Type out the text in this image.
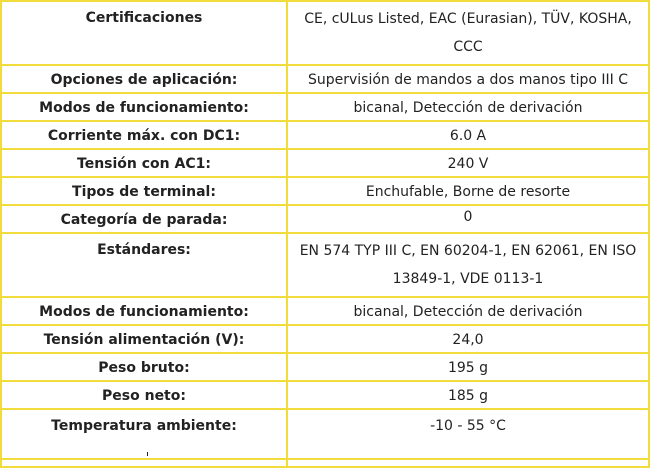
Certificaciones	CE, cULus Listed, EAC (Eurasian), TÜV, KOSHA, CCC
Opciones de aplicación:	Supervisión de mandos a dos manos tipo III C
Modos de funcionamiento:	bicanal, Detección de derivación
Corriente máx. con DC1:	6.0 A
Tensión con AC1:	240 V
Tipos de terminal:	Enchufable, Borne de resorte
Categoría de parada:	0
Estándares:	EN 574 TYP III C, EN 60204-1, EN 62061, EN ISO 13849-1, VDE 0113-1
Modos de funcionamiento:	bicanal, Detección de derivación
Tensión alimentación (V):	24,0
Peso bruto:	195 g
Peso neto:	185 g
Temperatura ambiente:	-10 - 55 °C
